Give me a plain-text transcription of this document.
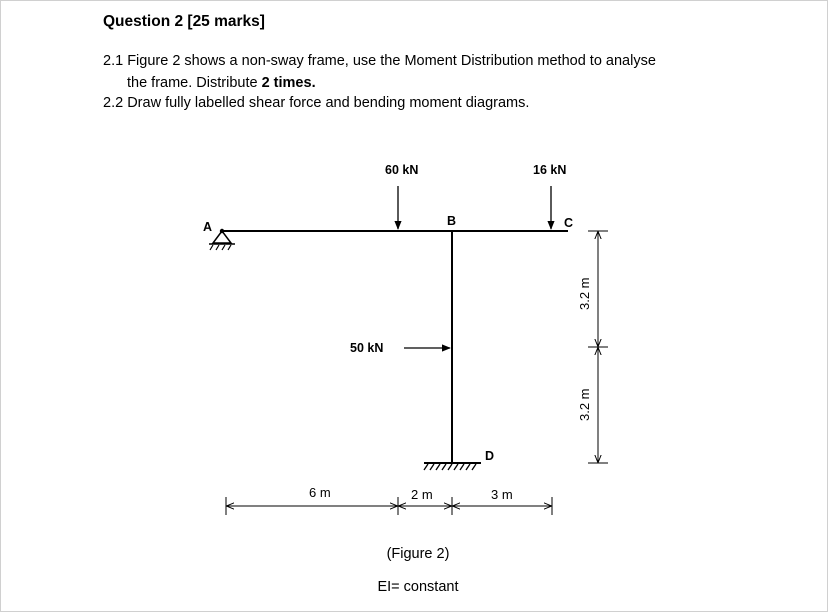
Question 2 [25 marks]
2.1 Figure 2 shows a non-sway frame, use the Moment Distribution method to analyse
the frame. Distribute 2 times.
2.2 Draw fully labelled shear force and bending moment diagrams.
A	B	C
D
60 kN	16 kN
50 kN
6 m	2 m	3 m
3.2 m
3.2 m
(Figure 2)
EI= constant
